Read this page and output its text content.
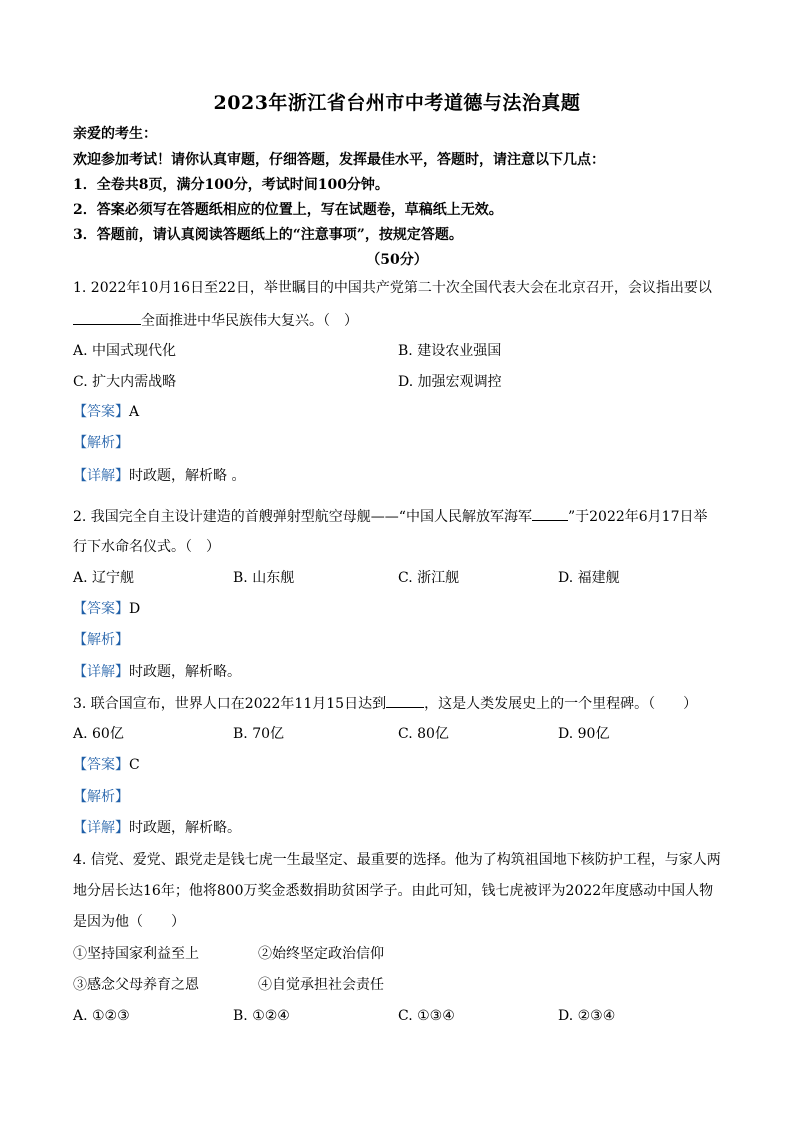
2023年浙江省台州市中考道德与法治真题
亲爱的考生：
欢迎参加考试！请你认真审题，仔细答题，发挥最佳水平，答题时，请注意以下几点：
1．全卷共8页，满分100分，考试时间100分钟。
2．答案必须写在答题纸相应的位置上，写在试题卷，草稿纸上无效。
3．答题前，请认真阅读答题纸上的“注意事项”，按规定答题。
（50分）
1. 2022年10月16日至22日，举世瞩目的中国共产党第二十次全国代表大会在北京召开，会议指出要以
全面推进中华民族伟大复兴。（　）
A. 中国式现代化	B. 建设农业强国
C. 扩大内需战略	D. 加强宏观调控
【答案】A
【解析】
【详解】时政题，解析略 。
2. 我国完全自主设计建造的首艘弹射型航空母舰——“中国人民解放军海军	”于2022年6月17日举
行下水命名仪式。（　）
A. 辽宁舰	B. 山东舰	C. 浙江舰	D. 福建舰
【答案】D
【解析】
【详解】时政题，解析略。
3. 联合国宣布，世界人口在2022年11月15日达到	，这是人类发展史上的一个里程碑。（　　）
A. 60亿	B. 70亿	C. 80亿	D. 90亿
【答案】C
【解析】
【详解】时政题，解析略。
4. 信党、爱党、跟党走是钱七虎一生最坚定、最重要的选择。他为了构筑祖国地下核防护工程，与家人两
地分居长达16年；他将800万奖金悉数捐助贫困学子。由此可知，钱七虎被评为2022年度感动中国人物
是因为他（　　）
①坚持国家利益至上	②始终坚定政治信仰
③感念父母养育之恩	④自觉承担社会责任
A. ①②③	B. ①②④	C. ①③④	D. ②③④
